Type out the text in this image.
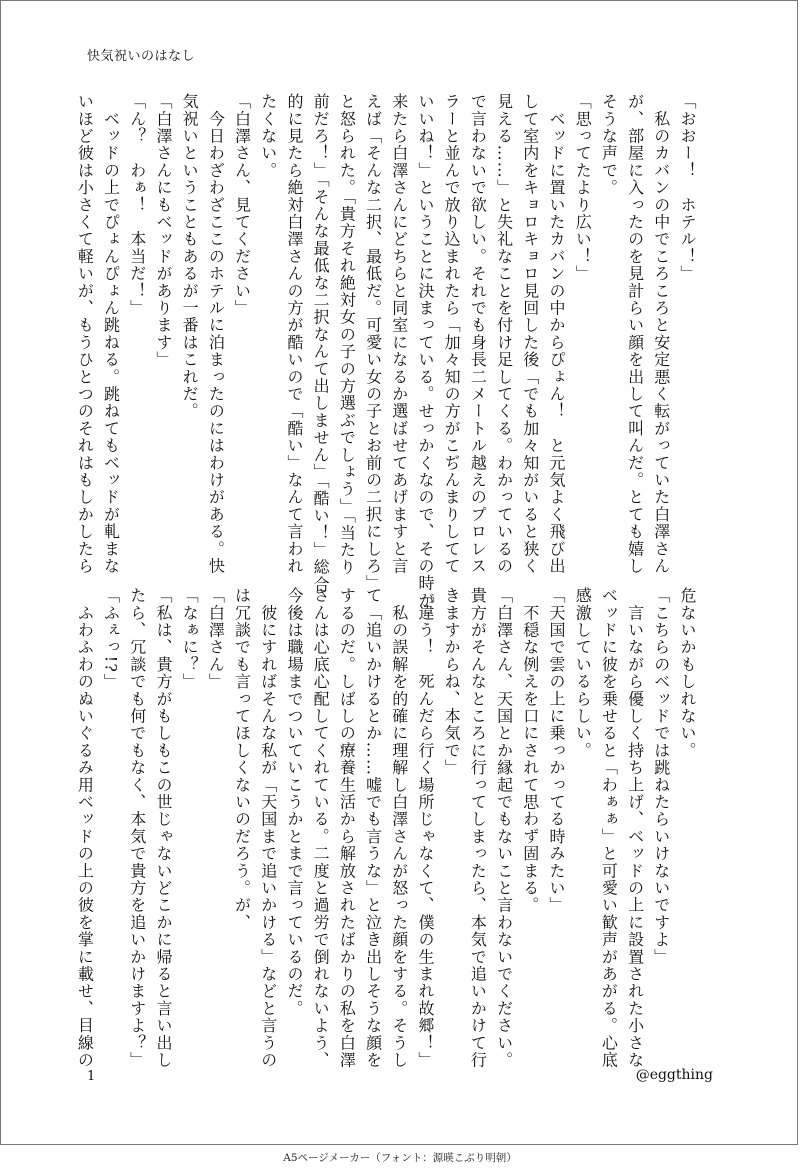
快気祝いのはなし

「おおー！　ホテル！」

　私のカバンの中でころころと安定悪く転がっていた白澤さん

が、部屋に入ったのを見計らい顔を出して叫んだ。とても嬉し

そうな声で。

「思ってたより広い！」

　ベッドに置いたカバンの中からぴょん！　と元気よく飛び出

して室内をキョロキョロ見回した後「でも加々知がいると狭く

見える……」と失礼なことを付け足してくる。わかっているの

で言わないで欲しい。それでも身長二メートル越えのプロレス

ラーと並んで放り込まれたら「加々知の方がこぢんまりしてて

いいね！」ということに決まっている。せっかくなので、その時が

来たら白澤さんにどちらと同室になるか選ばせてあげますと言

えば「そんな二択、最低だ。可愛い女の子とお前の二択にしろ」

と怒られた。「貴方それ絶対女の子の方選ぶでしょう」「当たり

前だろ！」「そんな最低な二択なんて出しません」「酷い！」総合

的に見たら絶対白澤さんの方が酷いので「酷い」なんて言われ

たくない。

「白澤さん、見てください」

　今日わざわざここのホテルに泊まったのにはわけがある。快

気祝いということもあるが一番はこれだ。

「白澤さんにもベッドがあります」

「ん？　わぁ！　本当だ！」

　ベッドの上でぴょんぴょん跳ねる。跳ねてもベッドが軋まな

いほど彼は小さくて軽いが、もうひとつのそれはもしかしたら

危ないかもしれない。

「こちらのベッドでは跳ねたらいけないですよ」

　言いながら優しく持ち上げ、ベッドの上に設置された小さな

ベッドに彼を乗せると「わぁぁ」と可愛い歓声があがる。心底

感激しているらしい。

「天国で雲の上に乗っかってる時みたい」

　不穏な例えを口にされて思わず固まる。

「白澤さん、天国とか縁起でもないこと言わないでください。

貴方がそんなところに行ってしまったら、本気で追いかけて行

きますからね、本気で」

「違う！　死んだら行く場所じゃなくて、僕の生まれ故郷！」

　私の誤解を的確に理解し白澤さんが怒った顔をする。そうし

て「追いかけるとか……嘘でも言うな」と泣き出しそうな顔を

するのだ。しばしの療養生活から解放されたばかりの私を白澤

さんは心底心配してくれている。二度と過労で倒れないよう、

今後は職場までついていこうかとまで言っているのだ。

　彼にすればそんな私が「天国まで追いかける」などと言うの

は冗談でも言ってほしくないのだろう。が、

「白澤さん」

「なぁに？」

「私は、貴方がもしもこの世じゃないどこかに帰ると言い出し

たら、冗談でも何でもなく、本気で貴方を追いかけますよ？」

「ふぇっ!?」

　ふわふわのぬいぐるみ用ベッドの上の彼を掌に載せ、目線の

1	@eggthing
A5ページメーカー（フォント：源暎こぶり明朝）
